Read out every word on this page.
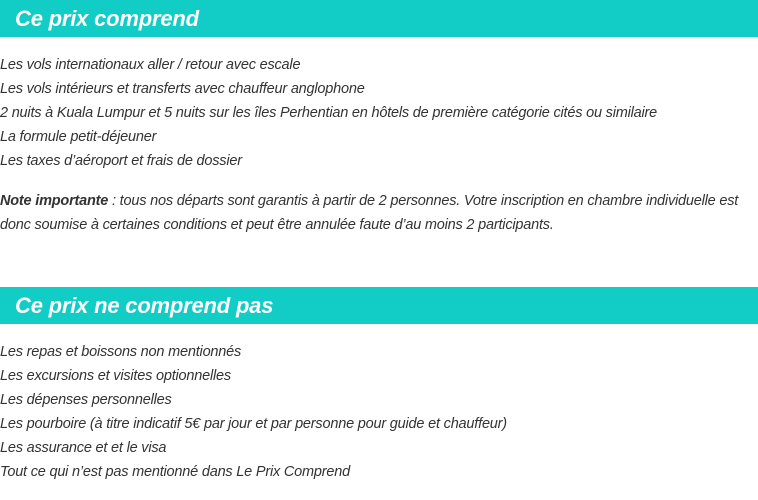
Ce prix comprend
Les vols internationaux aller / retour avec escale
Les vols intérieurs et transferts avec chauffeur anglophone
2 nuits à Kuala Lumpur et 5 nuits sur les îles Perhentian en hôtels de première catégorie cités ou similaire
La formule petit-déjeuner
Les taxes d’aéroport et frais de dossier

Note importante : tous nos départs sont garantis à partir de 2 personnes. Votre inscription en chambre individuelle est donc soumise à certaines conditions et peut être annulée faute d’au moins 2 participants.

Ce prix ne comprend pas
Les repas et boissons non mentionnés
Les excursions et visites optionnelles
Les dépenses personnelles
Les pourboire (à titre indicatif 5€ par jour et par personne pour guide et chauffeur)
Les assurance et et le visa
Tout ce qui n’est pas mentionné dans Le Prix Comprend
